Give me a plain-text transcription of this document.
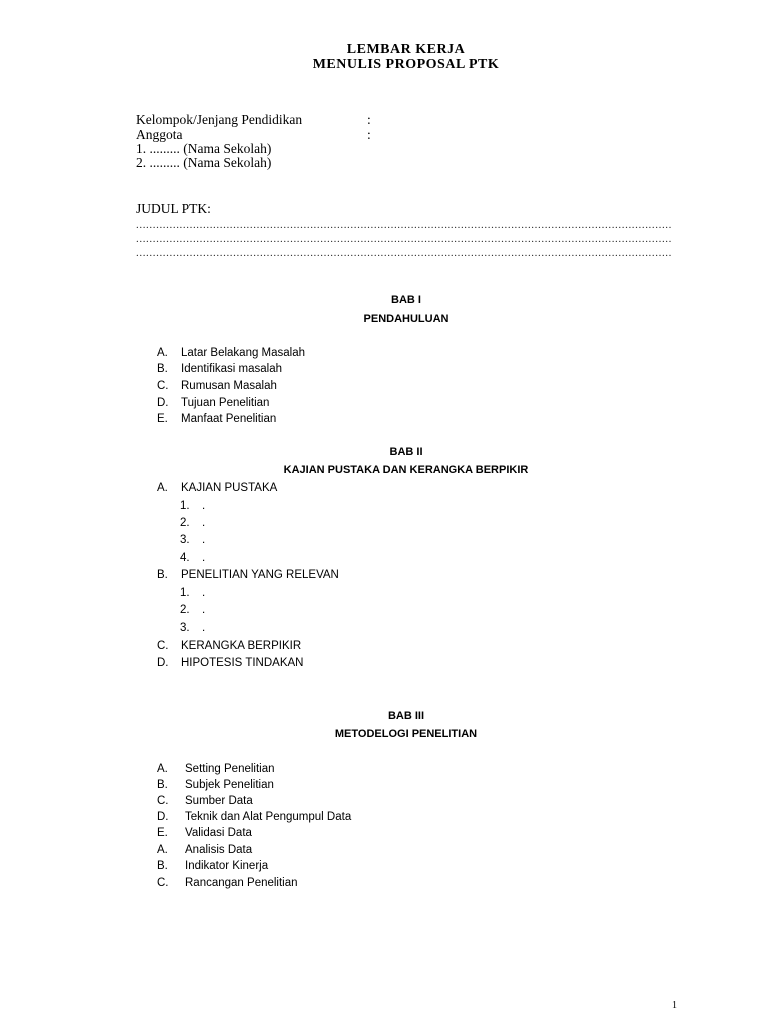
LEMBAR KERJA
MENULIS PROPOSAL PTK
Kelompok/Jenjang Pendidikan	:
Anggota	:
1. ......... (Nama Sekolah)
2. ......... (Nama Sekolah)
JUDUL PTK:
................................................................................................................................................................
................................................................................................................................................................
................................................................................................................................................................
BAB I
PENDAHULUAN
A. Latar Belakang Masalah
B. Identifikasi masalah
C. Rumusan Masalah
D. Tujuan Penelitian
E. Manfaat Penelitian
BAB II
KAJIAN PUSTAKA DAN KERANGKA BERPIKIR
A. KAJIAN PUSTAKA
1. .
2. .
3. .
4. .
B. PENELITIAN YANG RELEVAN
1. .
2. .
3. .
C. KERANGKA BERPIKIR
D. HIPOTESIS TINDAKAN
BAB III
METODELOGI PENELITIAN
A. Setting Penelitian
B. Subjek Penelitian
C. Sumber Data
D. Teknik dan Alat Pengumpul Data
E. Validasi Data
A. Analisis Data
B. Indikator Kinerja
C. Rancangan Penelitian
1
